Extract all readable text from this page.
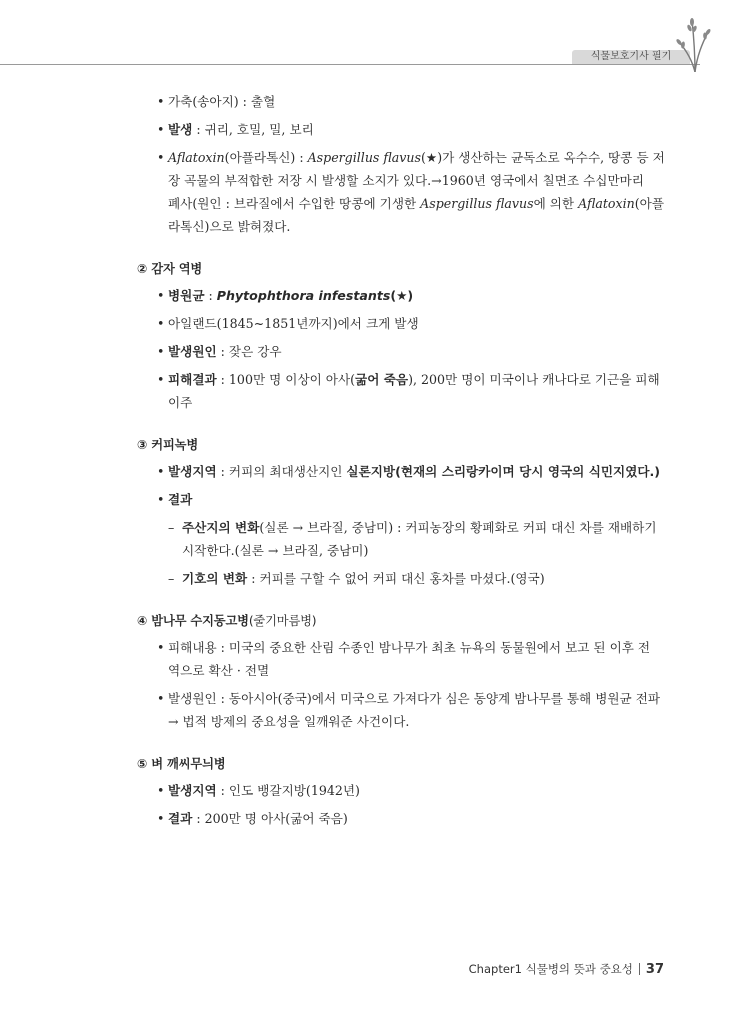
식물보호기사 필기
• 가축(송아지) : 출혈
• 발생 : 귀리, 호밀, 밀, 보리
• Aflatoxin(아플라톡신) : Aspergillus flavus(★)가 생산하는 균독소로 옥수수, 땅콩 등 저
장 곡물의 부적합한 저장 시 발생할 소지가 있다.→1960년 영국에서 칠면조 수십만마리
폐사(원인 : 브라질에서 수입한 땅콩에 기생한 Aspergillus flavus에 의한 Aflatoxin(아플
라톡신)으로 밝혀졌다.
② 감자 역병
• 병원균 : Phytophthora infestants(★)
• 아일랜드(1845~1851년까지)에서 크게 발생
• 발생원인 : 잦은 강우
• 피해결과 : 100만 명 이상이 아사(굶어 죽음), 200만 명이 미국이나 캐나다로 기근을 피해
이주
③ 커피녹병
• 발생지역 : 커피의 최대생산지인 실론지방(현재의 스리랑카이며 당시 영국의 식민지였다.)
• 결과
– 주산지의 변화(실론 → 브라질, 중남미) : 커피농장의 황폐화로 커피 대신 차를 재배하기
시작한다.(실론 → 브라질, 중남미)
– 기호의 변화 : 커피를 구할 수 없어 커피 대신 홍차를 마셨다.(영국)
④ 밤나무 수지동고병(줄기마름병)
• 피해내용 : 미국의 중요한 산림 수종인 밤나무가 최초 뉴욕의 동물원에서 보고 된 이후 전
역으로 확산 · 전멸
• 발생원인 : 동아시아(중국)에서 미국으로 가져다가 심은 동양계 밤나무를 통해 병원균 전파
→ 법적 방제의 중요성을 일깨워준 사건이다.
⑤ 벼 깨씨무늬병
• 발생지역 : 인도 뱅갈지방(1942년)
• 결과 : 200만 명 아사(굶어 죽음)
Chapter1 식물병의 뜻과 중요성 37
